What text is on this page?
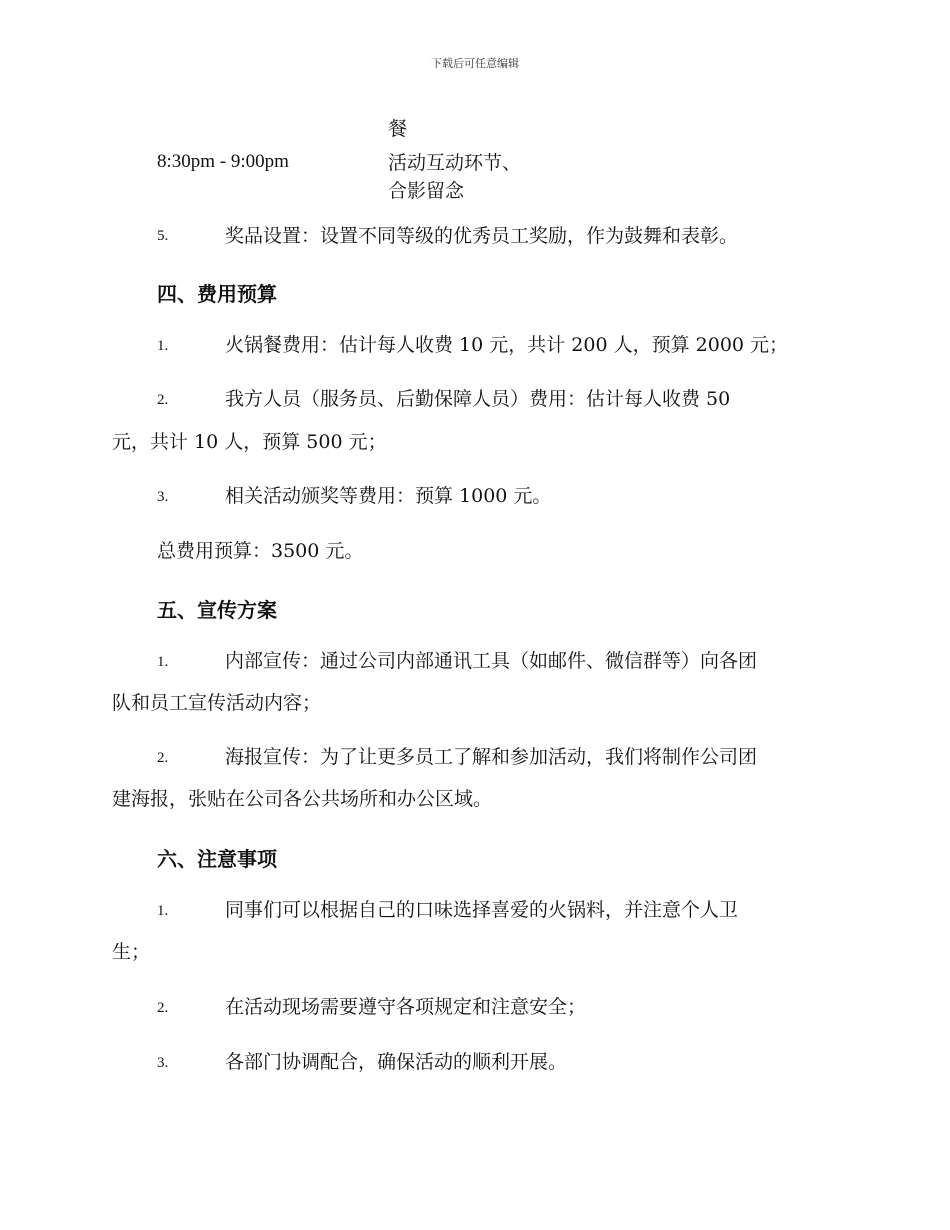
下载后可任意编辑
餐
8:30pm - 9:00pm	活动互动环节、
合影留念
5.	奖品设置：设置不同等级的优秀员工奖励，作为鼓舞和表彰。
四、费用预算
1.	火锅餐费用：估计每人收费 10 元，共计 200 人，预算 2000 元；
2.	我方人员（服务员、后勤保障人员）费用：估计每人收费 50
元，共计 10 人，预算 500 元；
3.	相关活动颁奖等费用：预算 1000 元。
总费用预算：3500 元。
五、宣传方案
1.	内部宣传：通过公司内部通讯工具（如邮件、微信群等）向各团
队和员工宣传活动内容；
2.	海报宣传：为了让更多员工了解和参加活动，我们将制作公司团
建海报，张贴在公司各公共场所和办公区域。
六、注意事项
1.	同事们可以根据自己的口味选择喜爱的火锅料，并注意个人卫
生；
2.	在活动现场需要遵守各项规定和注意安全；
3.	各部门协调配合，确保活动的顺利开展。
